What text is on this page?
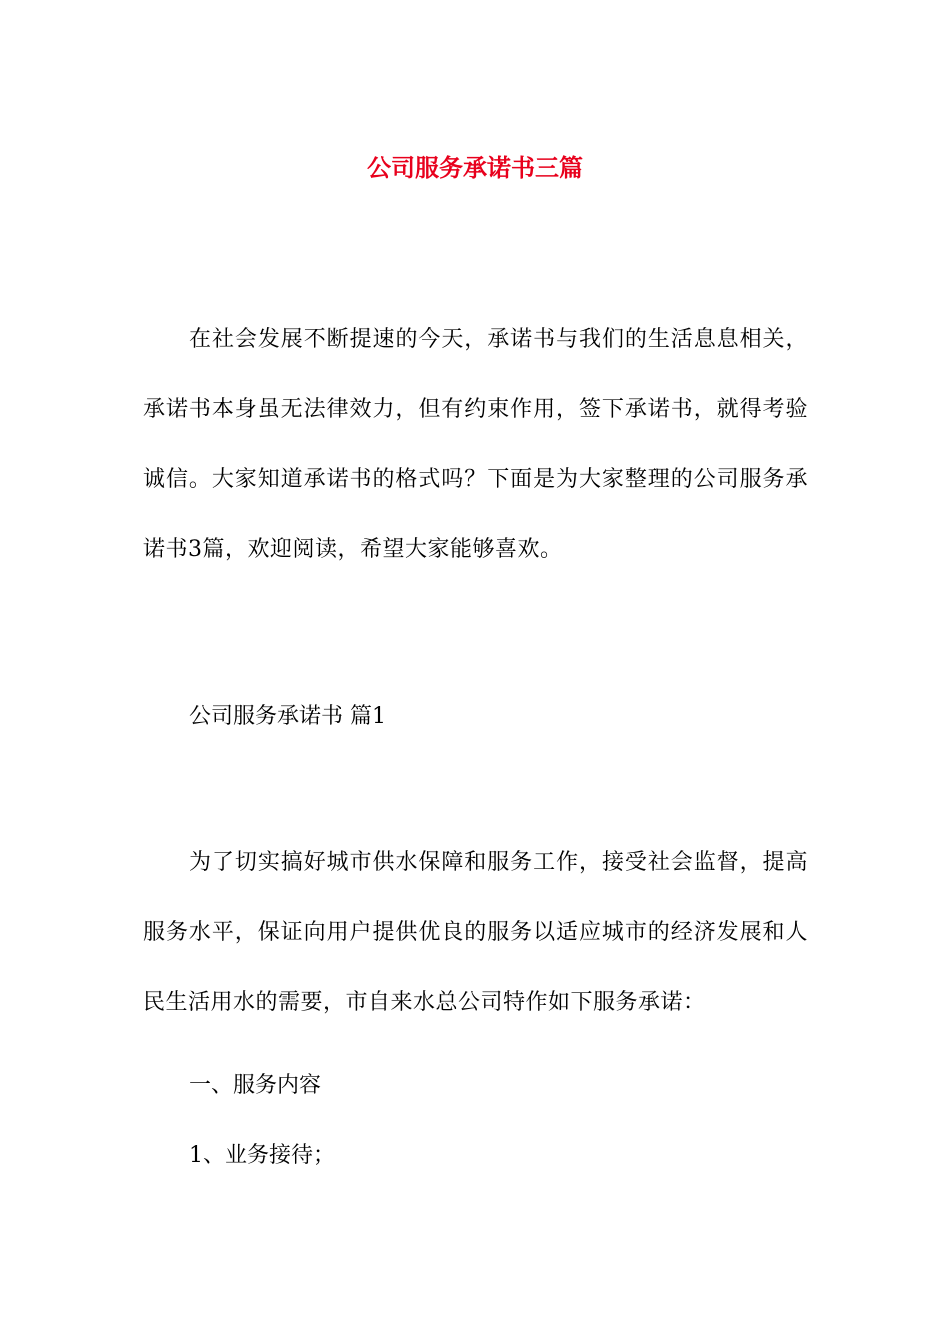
公司服务承诺书三篇

在社会发展不断提速的今天，承诺书与我们的生活息息相关，承诺书本身虽无法律效力，但有约束作用，签下承诺书，就得考验诚信。大家知道承诺书的格式吗？下面是为大家整理的公司服务承诺书3篇，欢迎阅读，希望大家能够喜欢。

公司服务承诺书 篇1

为了切实搞好城市供水保障和服务工作，接受社会监督，提高服务水平，保证向用户提供优良的服务以适应城市的经济发展和人民生活用水的需要，市自来水总公司特作如下服务承诺：

一、服务内容

1、业务接待；
